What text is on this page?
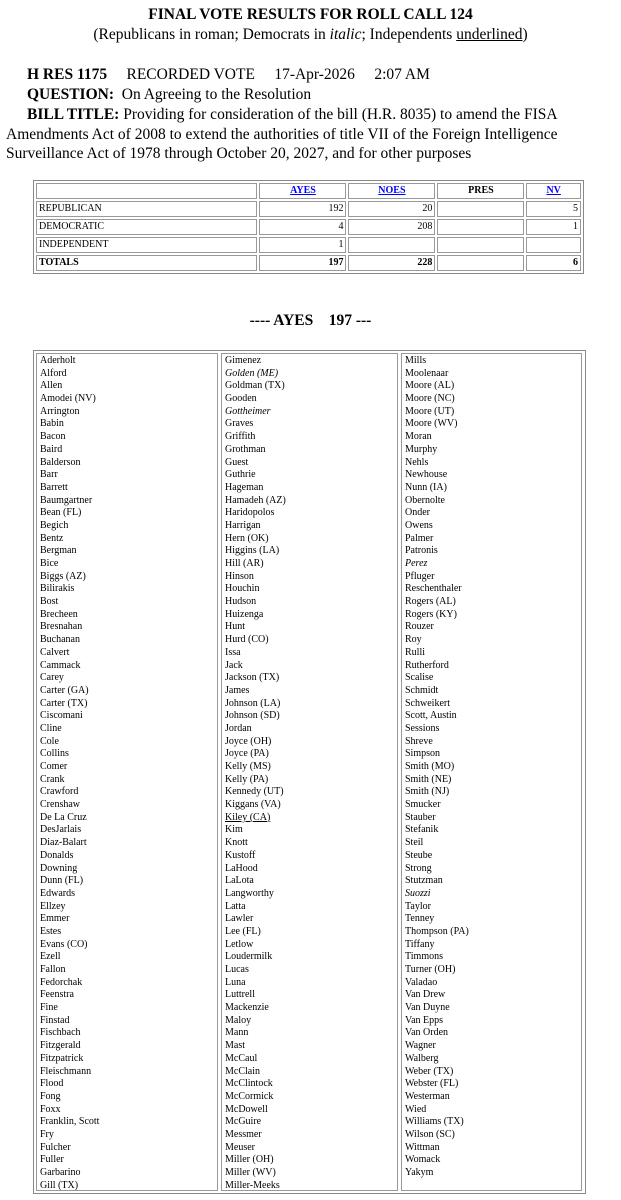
FINAL VOTE RESULTS FOR ROLL CALL 124
(Republicans in roman; Democrats in italic; Independents underlined)
H RES 1175 RECORDED VOTE 17-Apr-2026 2:07 AM
QUESTION: On Agreeing to the Resolution
BILL TITLE: Providing for consideration of the bill (H.R. 8035) to amend the FISA Amendments Act of 2008 to extend the authorities of title VII of the Foreign Intelligence Surveillance Act of 1978 through October 20, 2027, and for other purposes
	AYES	NOES	PRES	NV
REPUBLICAN	192	20		5
DEMOCRATIC	4	208		1
INDEPENDENT	1			
TOTALS	197	228		6
---- AYES    197 ---
Aderholt
Alford
Allen
Amodei (NV)
Arrington
Babin
Bacon
Baird
Balderson
Barr
Barrett
Baumgartner
Bean (FL)
Begich
Bentz
Bergman
Bice
Biggs (AZ)
Bilirakis
Bost
Brecheen
Bresnahan
Buchanan
Calvert
Cammack
Carey
Carter (GA)
Carter (TX)
Ciscomani
Cline
Cole
Collins
Comer
Crank
Crawford
Crenshaw
De La Cruz
DesJarlais
Diaz-Balart
Donalds
Downing
Dunn (FL)
Edwards
Ellzey
Emmer
Estes
Evans (CO)
Ezell
Fallon
Fedorchak
Feenstra
Fine
Finstad
Fischbach
Fitzgerald
Fitzpatrick
Fleischmann
Flood
Fong
Foxx
Franklin, Scott
Fry
Fulcher
Fuller
Garbarino
Gill (TX)
Gimenez
Golden (ME)
Goldman (TX)
Gooden
Gottheimer
Graves
Griffith
Grothman
Guest
Guthrie
Hageman
Hamadeh (AZ)
Haridopolos
Harrigan
Hern (OK)
Higgins (LA)
Hill (AR)
Hinson
Houchin
Hudson
Huizenga
Hunt
Hurd (CO)
Issa
Jack
Jackson (TX)
James
Johnson (LA)
Johnson (SD)
Jordan
Joyce (OH)
Joyce (PA)
Kelly (MS)
Kelly (PA)
Kennedy (UT)
Kiggans (VA)
Kiley (CA)
Kim
Knott
Kustoff
LaHood
LaLota
Langworthy
Latta
Lawler
Lee (FL)
Letlow
Loudermilk
Lucas
Luna
Luttrell
Mackenzie
Maloy
Mann
Mast
McCaul
McClain
McClintock
McCormick
McDowell
McGuire
Messmer
Meuser
Miller (OH)
Miller (WV)
Miller-Meeks
Mills
Moolenaar
Moore (AL)
Moore (NC)
Moore (UT)
Moore (WV)
Moran
Murphy
Nehls
Newhouse
Nunn (IA)
Obernolte
Onder
Owens
Palmer
Patronis
Perez
Pfluger
Reschenthaler
Rogers (AL)
Rogers (KY)
Rouzer
Roy
Rulli
Rutherford
Scalise
Schmidt
Schweikert
Scott, Austin
Sessions
Shreve
Simpson
Smith (MO)
Smith (NE)
Smith (NJ)
Smucker
Stauber
Stefanik
Steil
Steube
Strong
Stutzman
Suozzi
Taylor
Tenney
Thompson (PA)
Tiffany
Timmons
Turner (OH)
Valadao
Van Drew
Van Duyne
Van Epps
Van Orden
Wagner
Walberg
Weber (TX)
Webster (FL)
Westerman
Wied
Williams (TX)
Wilson (SC)
Wittman
Womack
Yakym
